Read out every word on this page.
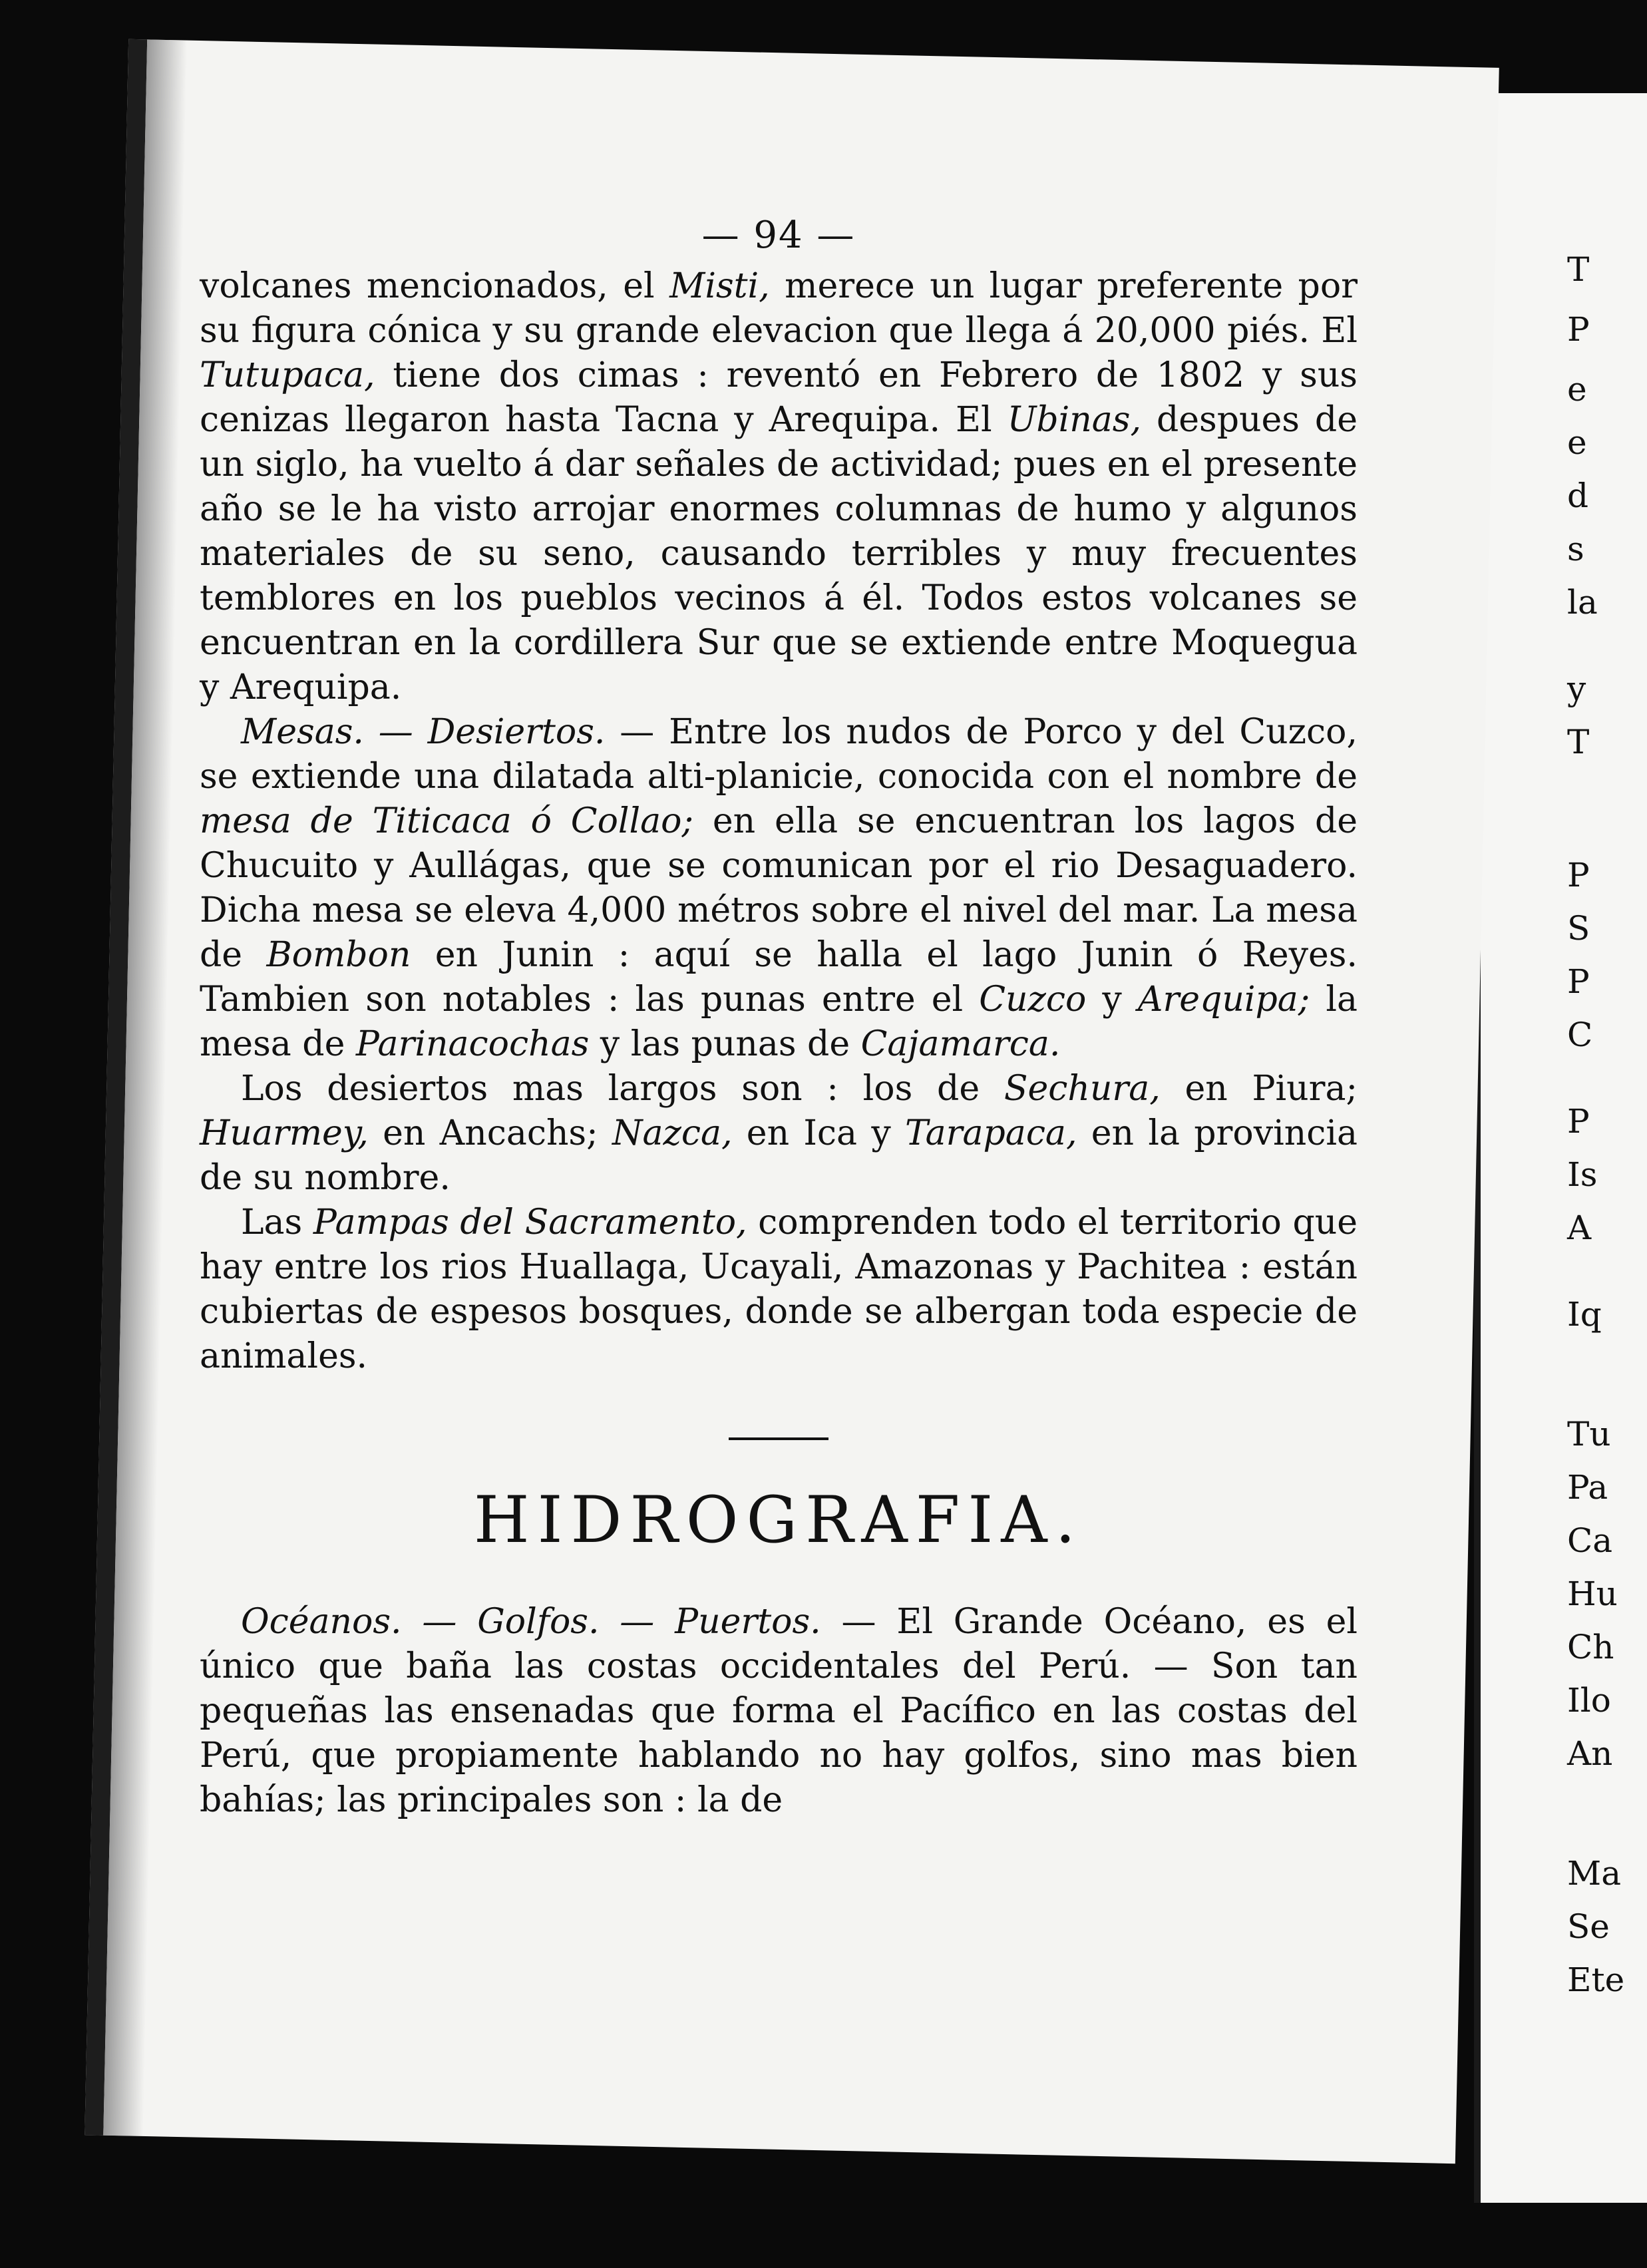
T
P
e
e
d
s
la
y
T
P
S
P
C
P
Is
A
Iq
Tu
Pa
Ca
Hu
Ch
Ilo
An
Ma
Se
Ete
— 94 —

volcanes mencionados, el Misti, merece un lugar preferente por su figura cónica y su grande elevacion que llega á 20,000 piés. El Tutupaca, tiene dos cimas : reventó en Febrero de 1802 y sus cenizas llegaron hasta Tacna y Arequipa. El Ubinas, despues de un siglo, ha vuelto á dar señales de actividad; pues en el presente año se le ha visto arrojar enormes columnas de humo y algunos materiales de su seno, causando terribles y muy frecuentes temblores en los pueblos vecinos á él. Todos estos volcanes se encuentran en la cordillera Sur que se extiende entre Moquegua y Arequipa.

Mesas. — Desiertos. — Entre los nudos de Porco y del Cuzco, se extiende una dilatada alti-planicie, conocida con el nombre de mesa de Titicaca ó Collao; en ella se encuentran los lagos de Chucuito y Aullágas, que se comunican por el rio Desaguadero. Dicha mesa se eleva 4,000 métros sobre el nivel del mar. La mesa de Bombon en Junin : aquí se halla el lago Junin ó Reyes. Tambien son notables : las punas entre el Cuzco y Arequipa; la mesa de Parinacochas y las punas de Cajamarca.

Los desiertos mas largos son : los de Sechura, en Piura; Huarmey, en Ancachs; Nazca, en Ica y Tarapaca, en la provincia de su nombre.

Las Pampas del Sacramento, comprenden todo el territorio que hay entre los rios Huallaga, Ucayali, Amazonas y Pachitea : están cubiertas de espesos bosques, donde se albergan toda especie de animales.

HIDROGRAFIA.

Océanos. — Golfos. — Puertos. — El Grande Océano, es el único que baña las costas occidentales del Perú. — Son tan pequeñas las ensenadas que forma el Pacífico en las costas del Perú, que propiamente hablando no hay golfos, sino mas bien bahías; las principales son : la de
